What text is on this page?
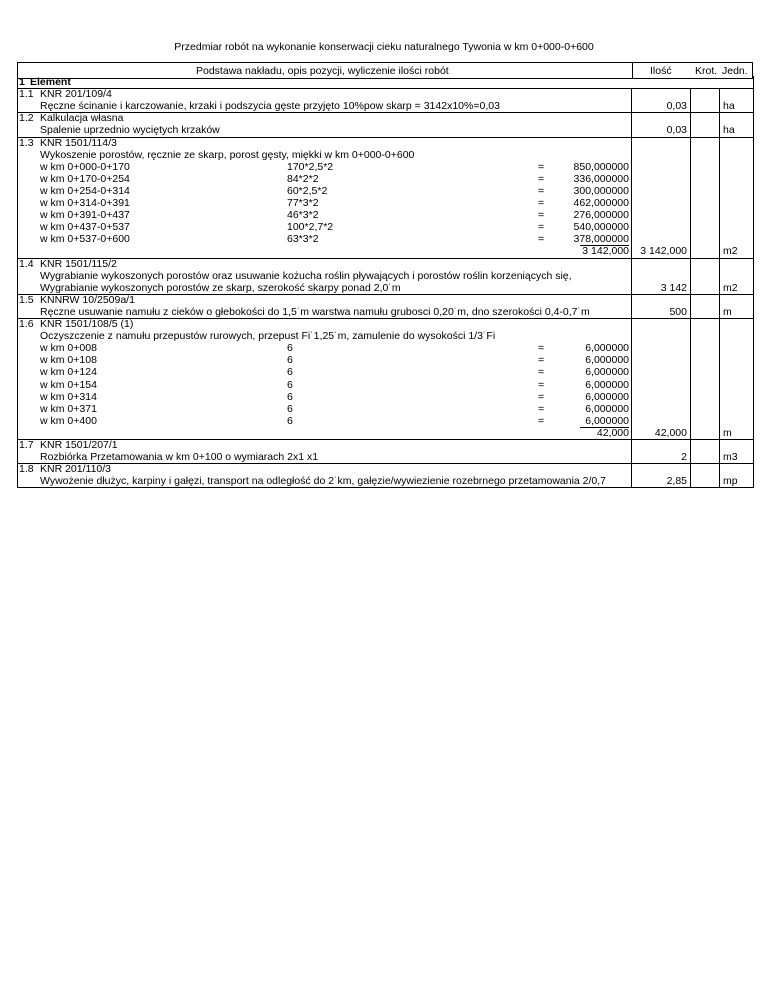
Przedmiar robót na wykonanie konserwacji cieku naturalnego Tywonia w km 0+000-0+600
Podstawa nakładu, opis pozycji, wyliczenie ilości robót	Ilość Krot. Jedn.
1 Element
1.1 KNR 201/109/4
Ręczne ścinanie i karczowanie, krzaki i podszycia gęste przyjęto 10%pow skarp = 3142x10%=0,03	0,03	ha
1.2 Kalkulacja własna
Spalenie uprzednio wyciętych krzaków	0,03	ha
1.3 KNR 1501/114/3
Wykoszenie porostów, ręcznie ze skarp, porost gęsty, miękki w km 0+000-0+600
w km 0+000-0+170	170*2,5*2	=	850,000000
w km 0+170-0+254	84*2*2	=	336,000000
w km 0+254-0+314	60*2,5*2	=	300,000000
w km 0+314-0+391	77*3*2	=	462,000000
w km 0+391-0+437	46*3*2	=	276,000000
w km 0+437-0+537	100*2,7*2	=	540,000000
w km 0+537-0+600	63*3*2	=	378,000000
3 142,000 3 142,000	m2
1.4 KNR 1501/115/2
Wygrabianie wykoszonych porostów oraz usuwanie kożucha roślin pływających i porostów roślin korzeniących się,
Wygrabianie wykoszonych porostów ze skarp, szerokość skarpy ponad 2,0˙m	3 142	m2
1.5 KNNRW 10/2509a/1
Ręczne usuwanie namułu z cieków o głebokości do 1,5˙m warstwa namułu grubosci 0,20˙m, dno szerokości 0,4-0,7˙m	500	m
1.6 KNR 1501/108/5 (1)
Oczyszczenie z namułu przepustów rurowych, przepust Fi˙1,25˙m, zamulenie do wysokości 1/3˙Fi
w km 0+008	6	=	6,000000
w km 0+108	6	=	6,000000
w km 0+124	6	=	6,000000
w km 0+154	6	=	6,000000
w km 0+314	6	=	6,000000
w km 0+371	6	=	6,000000
w km 0+400	6	=	6,000000
42,000 42,000	m
1.7 KNR 1501/207/1
Rozbiórka Przetamowania w km 0+100 o wymiarach 2x1 x1	2	m3
1.8 KNR 201/110/3
Wywożenie dłużyc, karpiny i gałęzi, transport na odległość do 2˙km, gałęzie/wywiezienie rozebrnego przetamowania 2/0,7	2,85	mp
